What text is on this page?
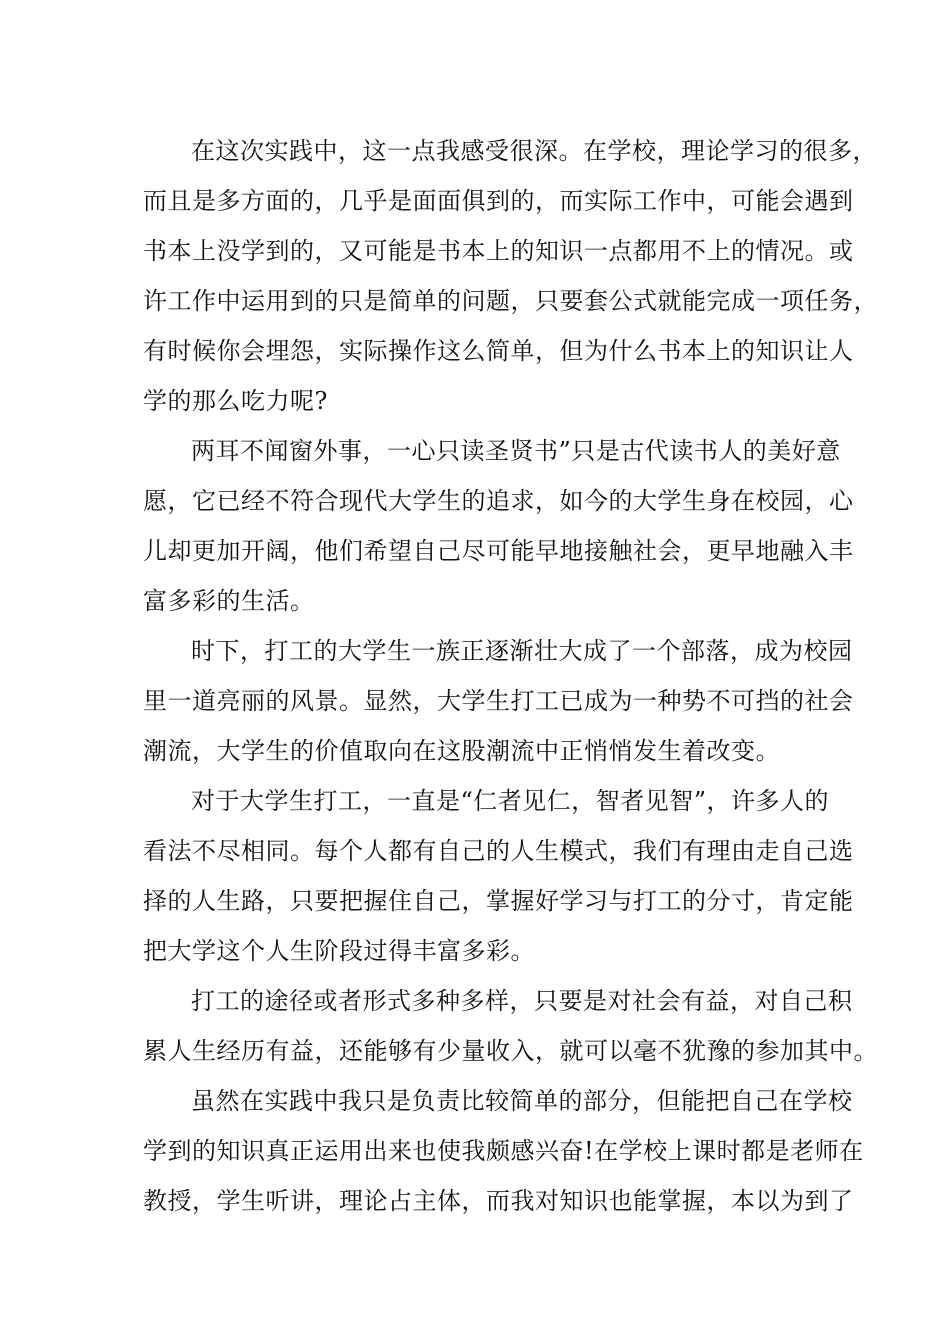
在这次实践中，这一点我感受很深。在学校，理论学习的很多，
而且是多方面的，几乎是面面俱到的，而实际工作中，可能会遇到
书本上没学到的，又可能是书本上的知识一点都用不上的情况。或
许工作中运用到的只是简单的问题，只要套公式就能完成一项任务，
有时候你会埋怨，实际操作这么简单，但为什么书本上的知识让人
学的那么吃力呢?
两耳不闻窗外事，一心只读圣贤书”只是古代读书人的美好意
愿，它已经不符合现代大学生的追求，如今的大学生身在校园，心
儿却更加开阔，他们希望自己尽可能早地接触社会，更早地融入丰
富多彩的生活。
时下，打工的大学生一族正逐渐壮大成了一个部落，成为校园
里一道亮丽的风景。显然，大学生打工已成为一种势不可挡的社会
潮流，大学生的价值取向在这股潮流中正悄悄发生着改变。
对于大学生打工，一直是“仁者见仁，智者见智”，许多人的
看法不尽相同。每个人都有自己的人生模式，我们有理由走自己选
择的人生路，只要把握住自己，掌握好学习与打工的分寸，肯定能
把大学这个人生阶段过得丰富多彩。
打工的途径或者形式多种多样，只要是对社会有益，对自己积
累人生经历有益，还能够有少量收入，就可以毫不犹豫的参加其中。
虽然在实践中我只是负责比较简单的部分，但能把自己在学校
学到的知识真正运用出来也使我颇感兴奋!在学校上课时都是老师在
教授，学生听讲，理论占主体，而我对知识也能掌握，本以为到了
